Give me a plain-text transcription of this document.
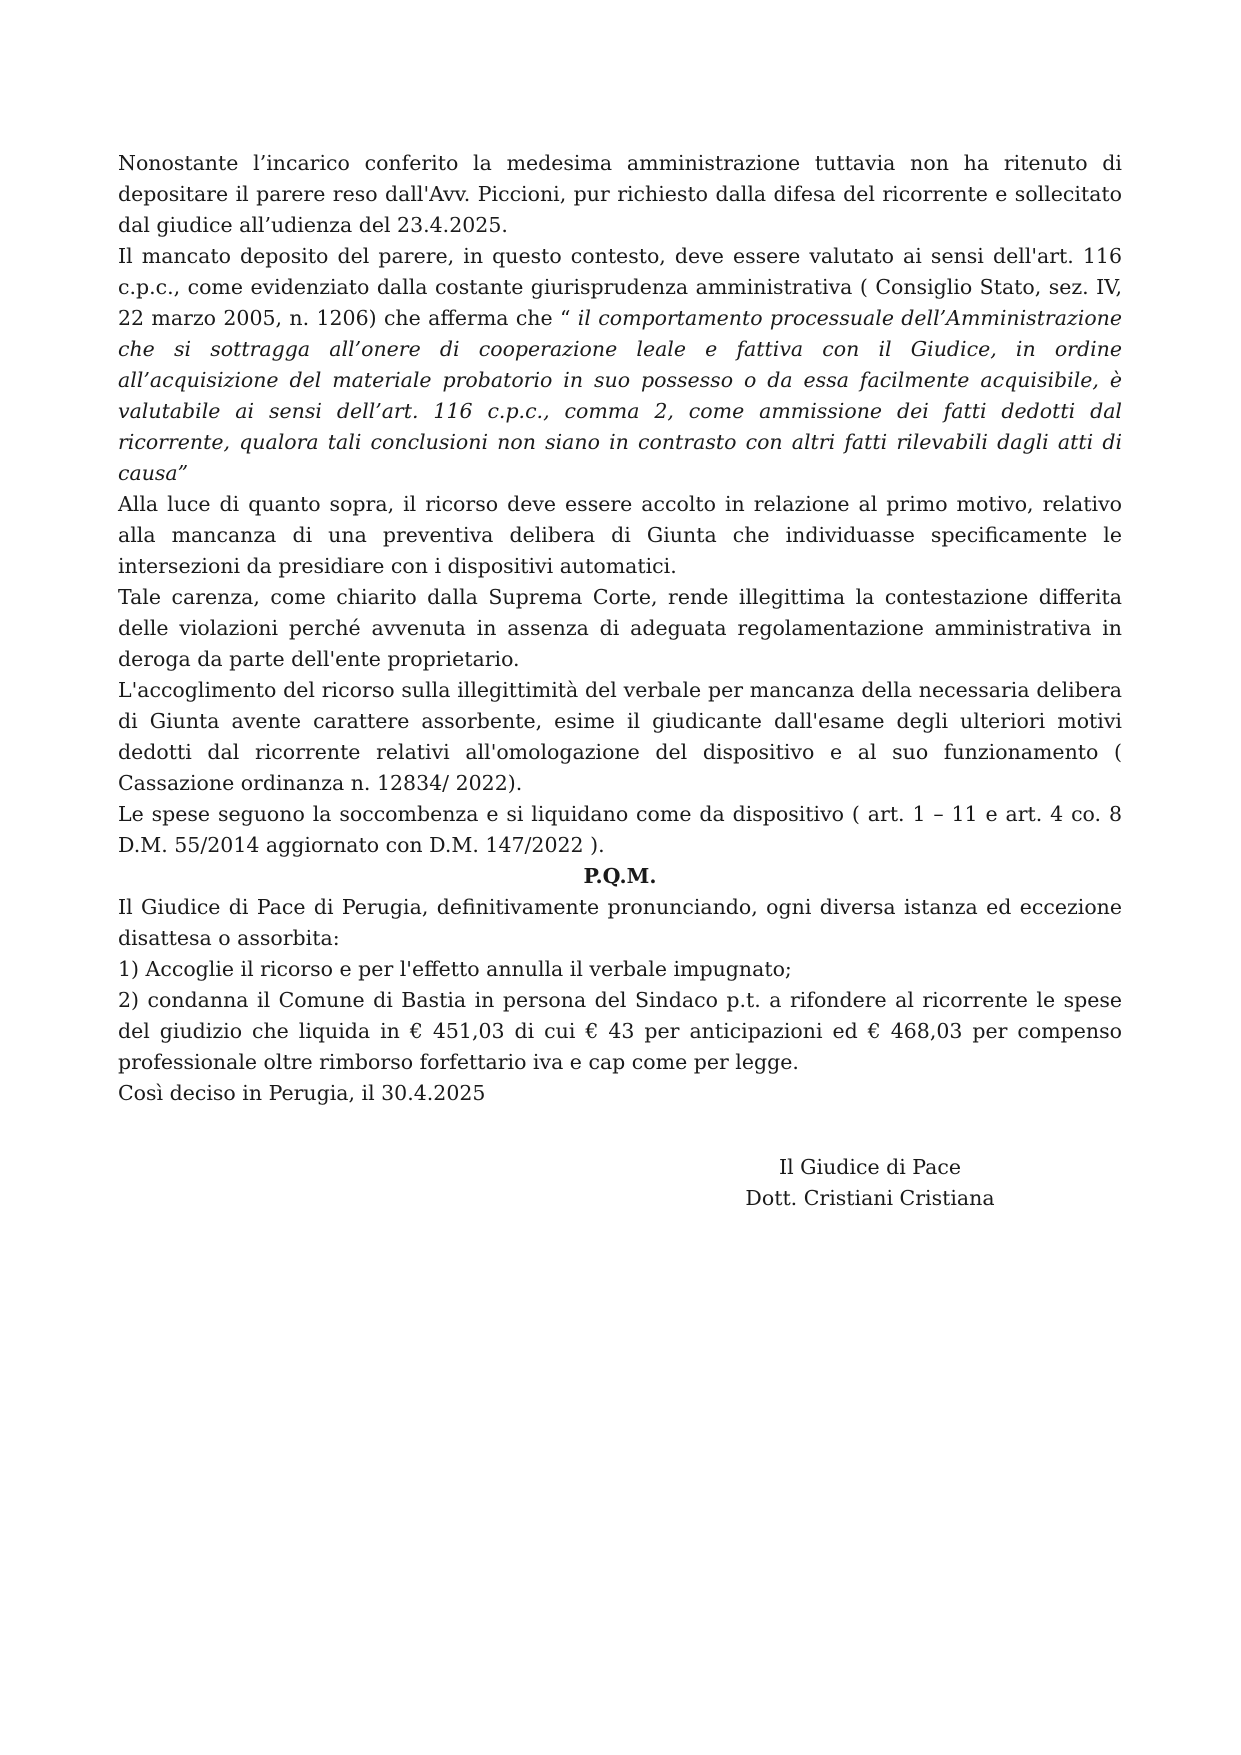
Nonostante l’incarico conferito la medesima amministrazione tuttavia non ha ritenuto di depositare il parere reso dall'Avv. Piccioni, pur richiesto dalla difesa del ricorrente e sollecitato dal giudice all’udienza del 23.4.2025.

Il mancato deposito del parere, in questo contesto, deve essere valutato ai sensi dell'art. 116 c.p.c., come evidenziato dalla costante giurisprudenza amministrativa ( Consiglio Stato, sez. IV, 22 marzo 2005, n. 1206) che afferma che “ il comportamento processuale dell’Amministrazione che si sottragga all’onere di cooperazione leale e fattiva con il Giudice, in ordine all’acquisizione del materiale probatorio in suo possesso o da essa facilmente acquisibile, è valutabile ai sensi dell’art. 116 c.p.c., comma 2, come ammissione dei fatti dedotti dal ricorrente, qualora tali conclusioni non siano in contrasto con altri fatti rilevabili dagli atti di causa”

Alla luce di quanto sopra, il ricorso deve essere accolto in relazione al primo motivo, relativo alla mancanza di una preventiva delibera di Giunta che individuasse specificamente le intersezioni da presidiare con i dispositivi automatici.

Tale carenza, come chiarito dalla Suprema Corte, rende illegittima la contestazione differita delle violazioni perché avvenuta in assenza di adeguata regolamentazione amministrativa in deroga da parte dell'ente proprietario.

L'accoglimento del ricorso sulla illegittimità del verbale per mancanza della necessaria delibera di Giunta avente carattere assorbente, esime il giudicante dall'esame degli ulteriori motivi dedotti dal ricorrente relativi all'omologazione del dispositivo e al suo funzionamento ( Cassazione ordinanza n. 12834/ 2022).

Le spese seguono la soccombenza e si liquidano come da dispositivo ( art. 1 – 11 e art. 4 co. 8 D.M. 55/2014 aggiornato con D.M. 147/2022 ).

P.Q.M.

Il Giudice di Pace di Perugia, definitivamente pronunciando, ogni diversa istanza ed eccezione disattesa o assorbita:

1) Accoglie il ricorso e per l'effetto annulla il verbale impugnato;

2) condanna il Comune di Bastia in persona del Sindaco p.t. a rifondere al ricorrente le spese del giudizio che liquida in € 451,03 di cui € 43 per anticipazioni ed € 468,03 per compenso professionale oltre rimborso forfettario iva e cap come per legge.

Così deciso in Perugia, il 30.4.2025

Il Giudice di Pace

Dott. Cristiani Cristiana
